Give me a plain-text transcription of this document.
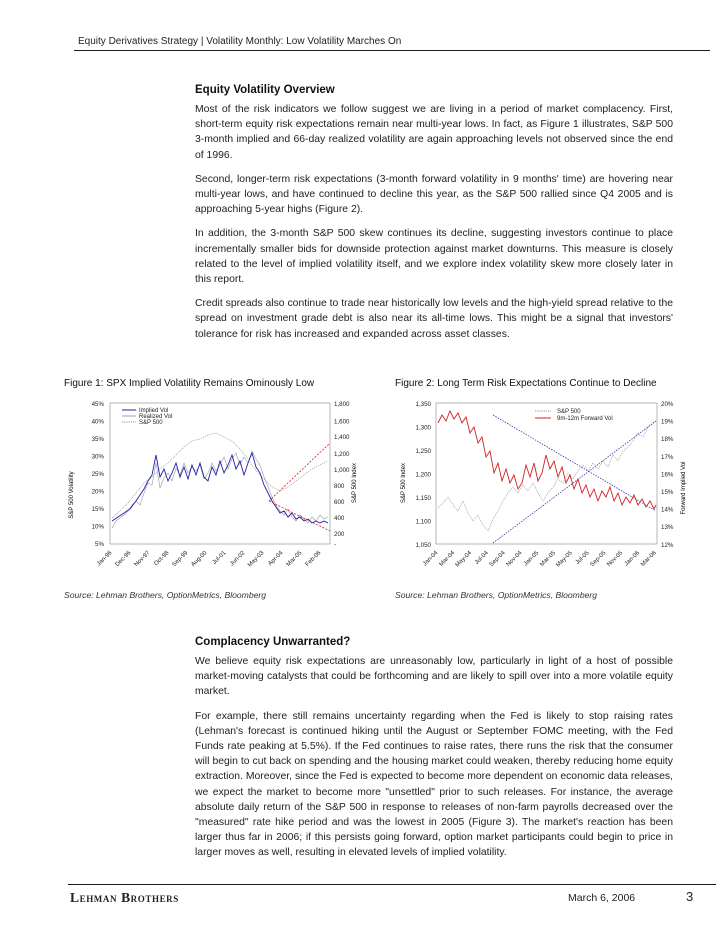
Equity Derivatives Strategy | Volatility Monthly: Low Volatility Marches On
Equity Volatility Overview

Most of the risk indicators we follow suggest we are living in a period of market complacency. First, short-term equity risk expectations remain near multi-year lows. In fact, as Figure 1 illustrates, S&P 500 3-month implied and 66-day realized volatility are again approaching levels not observed since the end of 1996.

Second, longer-term risk expectations (3-month forward volatility in 9 months' time) are hovering near multi-year lows, and have continued to decline this year, as the S&P 500 rallied since Q4 2005 and is approaching 5-year highs (Figure 2).

In addition, the 3-month S&P 500 skew continues its decline, suggesting investors continue to place incrementally smaller bids for downside protection against market downturns. This measure is closely related to the level of implied volatility itself, and we explore index volatility skew more closely later in this report.

Credit spreads also continue to trade near historically low levels and the high-yield spread relative to the spread on investment grade debt is also near its all-time lows. This might be a signal that investors' tolerance for risk has increased and expanded across asset classes.

Figure 1: SPX Implied Volatility Remains Ominously Low
S&P 500 Volatility	S&P 500 Index
45%
40%
35%
30%
25%
20%
15%
10%
5%
1,800
1,600
1,400
1,200
1,000
800
600
400
200
-
Implied Vol
Realized Vol
S&P 500
Jan-96 Dec-96 Nov-97 Oct-98 Sep-99 Aug-00 Jul-01 Jun-02 May-03 Apr-04 Mar-05 Feb-06
Source: Lehman Brothers, OptionMetrics, Bloomberg
Figure 2: Long Term Risk Expectations Continue to Decline
S&P 500 Index	Forward Implied Vol
1,350
1,300
1,250
1,200
1,150
1,100
1,050
20%
19%
18%
17%
16%
15%
14%
13%
12%
S&P 500
9m-12m Forward Vol
Jan-04 Mar-04
May-04 Jul-04
Sep-04
Nov-04 Jan-05 Mar-05
May-05 Jul-05
Sep-05
Nov-05 Jan-06 Mar-06
Source: Lehman Brothers, OptionMetrics, Bloomberg
Complacency Unwarranted?

We believe equity risk expectations are unreasonably low, particularly in light of a host of possible market-moving catalysts that could be forthcoming and are likely to spill over into a more volatile equity market.

For example, there still remains uncertainty regarding when the Fed is likely to stop raising rates (Lehman's forecast is continued hiking until the August or September FOMC meeting, with the Fed Funds rate peaking at 5.5%). If the Fed continues to raise rates, there runs the risk that the consumer will begin to cut back on spending and the housing market could weaken, thereby reducing home equity extraction. Moreover, since the Fed is expected to become more dependent on economic data releases, we expect the market to become more "unsettled" prior to such releases. For instance, the average absolute daily return of the S&P 500 in response to releases of non-farm payrolls decreased over the "measured" rate hike period and was the lowest in 2005 (Figure 3). The market's reaction has been larger thus far in 2006; if this persists going forward, option market participants could begin to price in larger moves as well, resulting in elevated levels of implied volatility.

Lehman Brothers	March 6, 2006	3
